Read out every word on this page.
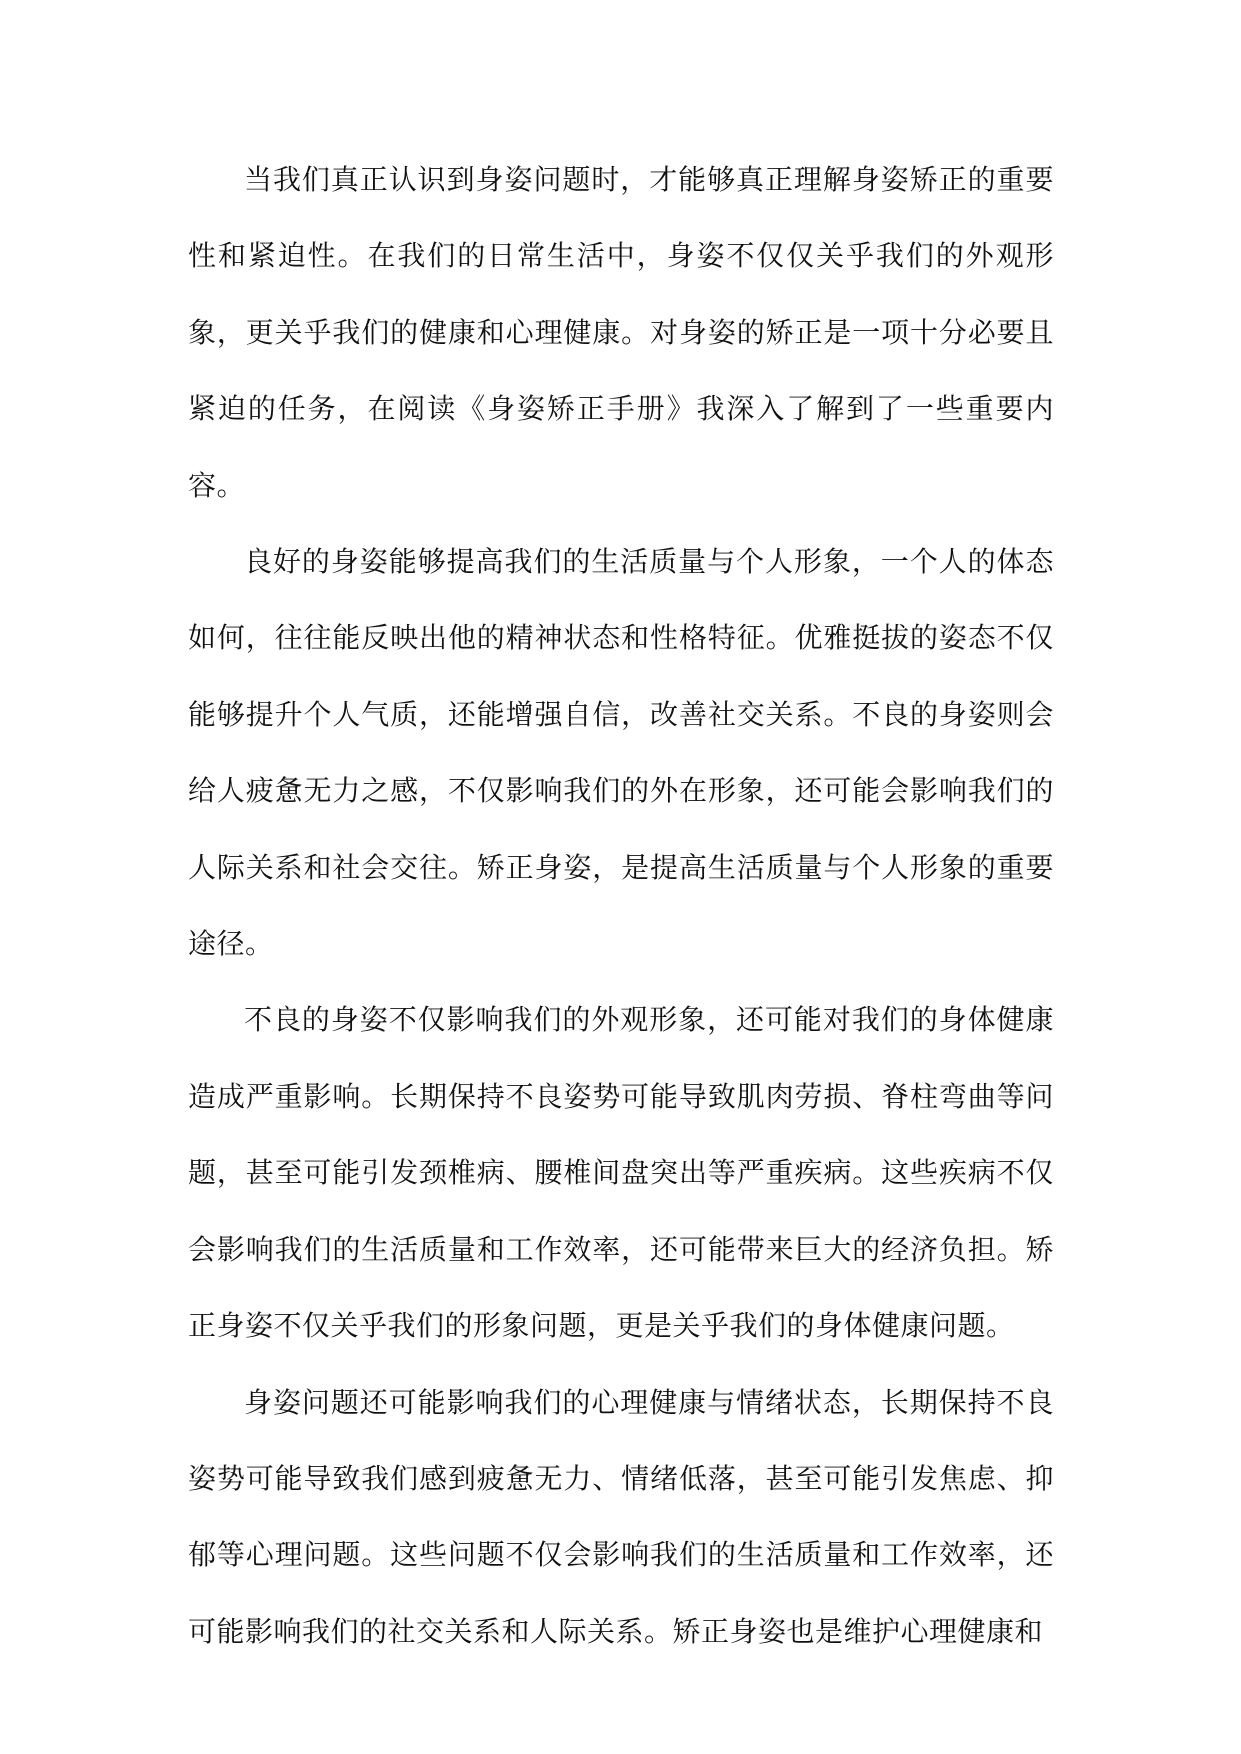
当我们真正认识到身姿问题时，才能够真正理解身姿矫正的重要性和紧迫性。在我们的日常生活中，身姿不仅仅关乎我们的外观形象，更关乎我们的健康和心理健康。对身姿的矫正是一项十分必要且紧迫的任务，在阅读《身姿矫正手册》我深入了解到了一些重要内容。

良好的身姿能够提高我们的生活质量与个人形象，一个人的体态如何，往往能反映出他的精神状态和性格特征。优雅挺拔的姿态不仅能够提升个人气质，还能增强自信，改善社交关系。不良的身姿则会给人疲惫无力之感，不仅影响我们的外在形象，还可能会影响我们的人际关系和社会交往。矫正身姿，是提高生活质量与个人形象的重要途径。

不良的身姿不仅影响我们的外观形象，还可能对我们的身体健康造成严重影响。长期保持不良姿势可能导致肌肉劳损、脊柱弯曲等问题，甚至可能引发颈椎病、腰椎间盘突出等严重疾病。这些疾病不仅会影响我们的生活质量和工作效率，还可能带来巨大的经济负担。矫正身姿不仅关乎我们的形象问题，更是关乎我们的身体健康问题。

身姿问题还可能影响我们的心理健康与情绪状态，长期保持不良姿势可能导致我们感到疲惫无力、情绪低落，甚至可能引发焦虑、抑郁等心理问题。这些问题不仅会影响我们的生活质量和工作效率，还可能影响我们的社交关系和人际关系。矫正身姿也是维护心理健康和
